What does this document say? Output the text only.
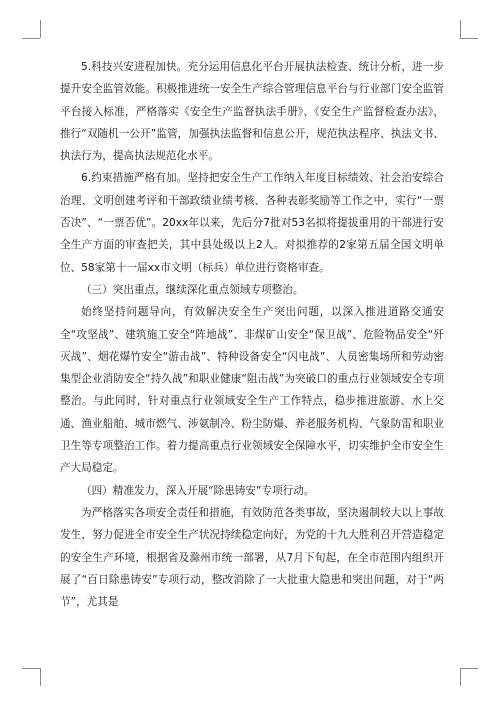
5.科技兴安进程加快。充分运用信息化平台开展执法检查、统计分析，进一步提升安全监管效能。积极推进统一安全生产综合管理信息平台与行业部门安全监管平台接入标准，严格落实《安全生产监督执法手册》、《安全生产监督检查办法》，推行“双随机一公开”监管，加强执法监督和信息公开，规范执法程序、执法文书、执法行为，提高执法规范化水平。

6.约束措施严格有加。坚持把安全生产工作纳入年度目标绩效、社会治安综合治理、文明创建考评和干部政绩业绩考核、各种表彰奖励等工作之中，实行“一票否决”、“一票否优”。20xx年以来，先后分7批对53名拟将提拔重用的干部进行安全生产方面的审查把关，其中县处级以上2人。对拟推荐的2家第五届全国文明单位、58家第十一届xx市文明（标兵）单位进行资格审查。

（三）突出重点，继续深化重点领域专项整治。

始终坚持问题导向，有效解决安全生产突出问题，以深入推进道路交通安全“攻坚战”、建筑施工安全“阵地战”、非煤矿山安全“保卫战”、危险物品安全“歼灭战”、烟花爆竹安全“游击战”、特种设备安全“闪电战”、人员密集场所和劳动密集型企业消防安全“持久战”和职业健康“阻击战”为突破口的重点行业领域安全专项整治。与此同时，针对重点行业领域安全生产工作特点，稳步推进旅游、水上交通、渔业船舶、城市燃气、涉氨制冷、粉尘防爆、养老服务机构、气象防雷和职业卫生等专项整治工作。着力提高重点行业领域安全保障水平，切实维护全市安全生产大局稳定。

（四）精准发力，深入开展“除患铸安”专项行动。

为严格落实各项安全责任和措施，有效防范各类事故，坚决遏制较大以上事故发生，努力促进全市安全生产状况持续稳定向好，为党的十九大胜利召开营造稳定的安全生产环境，根据省及滁州市统一部署，从7月下旬起，在全市范围内组织开展了“百日除患铸安”专项行动，整改消除了一大批重大隐患和突出问题，对于“两节”，尤其是
